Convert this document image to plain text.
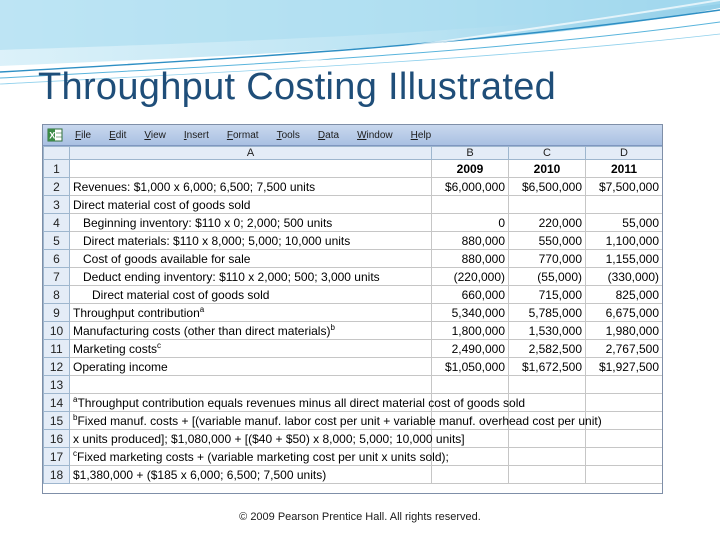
Throughput Costing Illustrated
X	File	Edit	View	Insert	Format	Tools	Data	Window	Help
	A	B	C	D
1		2009	2010	2011
2	Revenues: $1,000 x 6,000; 6,500; 7,500 units	$6,000,000	$6,500,000	$7,500,000
3	Direct material cost of goods sold			
4	Beginning inventory: $110 x 0; 2,000; 500 units	0	220,000	55,000
5	Direct materials: $110 x 8,000; 5,000; 10,000 units	880,000	550,000	1,100,000
6	Cost of goods available for sale	880,000	770,000	1,155,000
7	Deduct ending inventory: $110 x 2,000; 500; 3,000 units	(220,000)	(55,000)	(330,000)
8	Direct material cost of goods sold	660,000	715,000	825,000
9	Throughput contribution$^a$	5,340,000	5,785,000	6,675,000
10	Manufacturing costs (other than direct materials)$^b$	1,800,000	1,530,000	1,980,000
11	Marketing costs$^c$	2,490,000	2,582,500	2,767,500
12	Operating income	$1,050,000	$1,672,500	$1,927,500
13				
14	$^a$Throughput contribution equals revenues minus all direct material cost of goods sold			
15	$^b$Fixed manuf. costs + [(variable manuf. labor cost per unit + variable manuf. overhead cost per unit)			
16	x units produced]; $1,080,000 + [($40 + $50) x 8,000; 5,000; 10,000 units]			
17	$^c$Fixed marketing costs + (variable marketing cost per unit x units sold);			
18	$1,380,000 + ($185 x 6,000; 6,500; 7,500 units)			
© 2009 Pearson Prentice Hall. All rights reserved.
